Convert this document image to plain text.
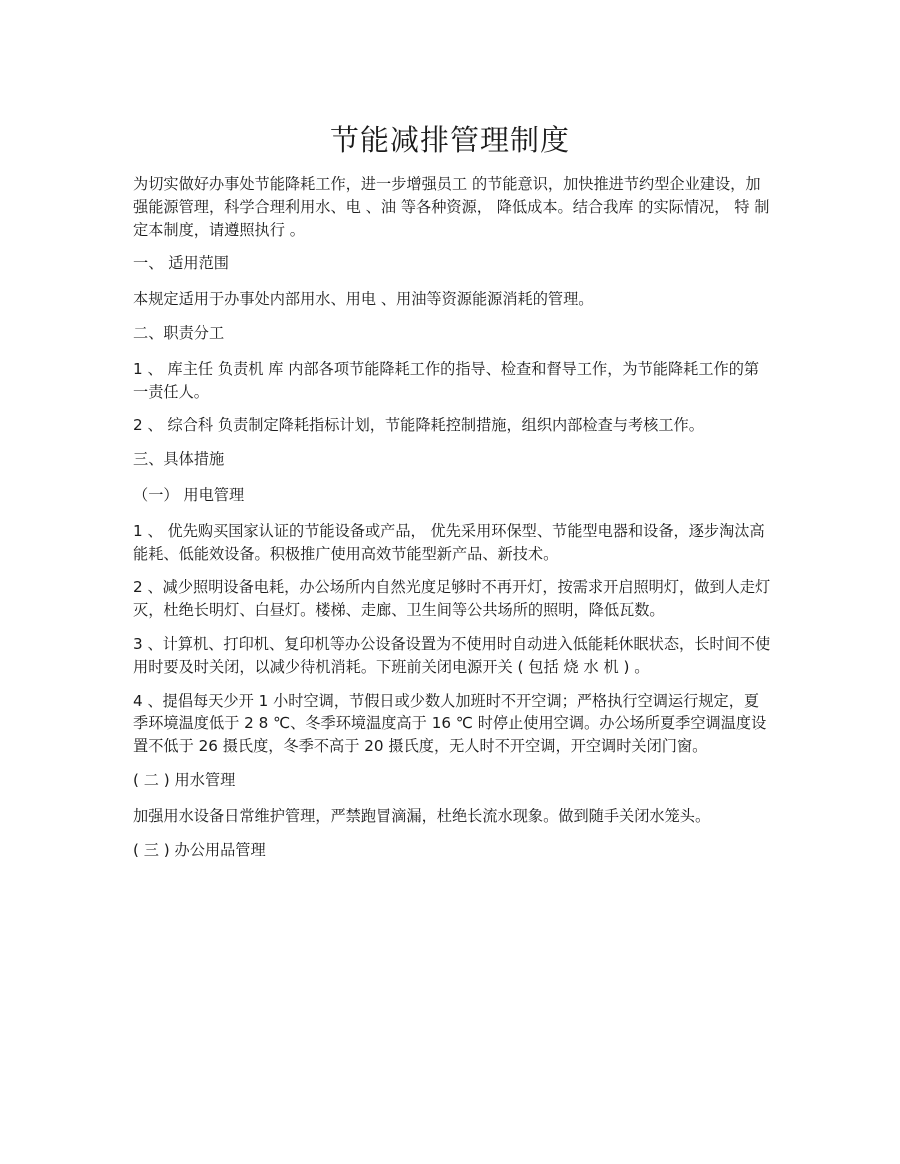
节能减排管理制度

为切实做好办事处节能降耗工作，进一步增强员工 的节能意识，加快推进节约型企业建设，加强能源管理，科学合理利用水、电 、油 等各种资源， 降低成本。结合我库 的实际情况， 特 制定本制度，请遵照执行 。

一、 适用范围

本规定适用于办事处内部用水、用电 、用油等资源能源消耗的管理。

二、职责分工

1 、 库主任 负责机 库 内部各项节能降耗工作的指导、检查和督导工作，为节能降耗工作的第一责任人。

2 、 综合科 负责制定降耗指标计划，节能降耗控制措施，组织内部检查与考核工作。

三、具体措施

（一） 用电管理

1 、 优先购买国家认证的节能设备或产品， 优先采用环保型、节能型电器和设备，逐步淘汰高能耗、低能效设备。积极推广使用高效节能型新产品、新技术。

2 、减少照明设备电耗，办公场所内自然光度足够时不再开灯，按需求开启照明灯，做到人走灯灭，杜绝长明灯、白昼灯。楼梯、走廊、卫生间等公共场所的照明，降低瓦数。

3 、计算机、打印机、复印机等办公设备设置为不使用时自动进入低能耗休眠状态，长时间不使用时要及时关闭，以减少待机消耗。下班前关闭电源开关 ( 包括 烧 水 机 ) 。

4 、提倡每天少开 1 小时空调，节假日或少数人加班时不开空调；严格执行空调运行规定，夏季环境温度低于 2 8 ℃、冬季环境温度高于 16 ℃ 时停止使用空调。办公场所夏季空调温度设置不低于 26 摄氏度，冬季不高于 20 摄氏度，无人时不开空调，开空调时关闭门窗。

( 二 ) 用水管理

加强用水设备日常维护管理，严禁跑冒滴漏，杜绝长流水现象。做到随手关闭水笼头。

( 三 ) 办公用品管理
